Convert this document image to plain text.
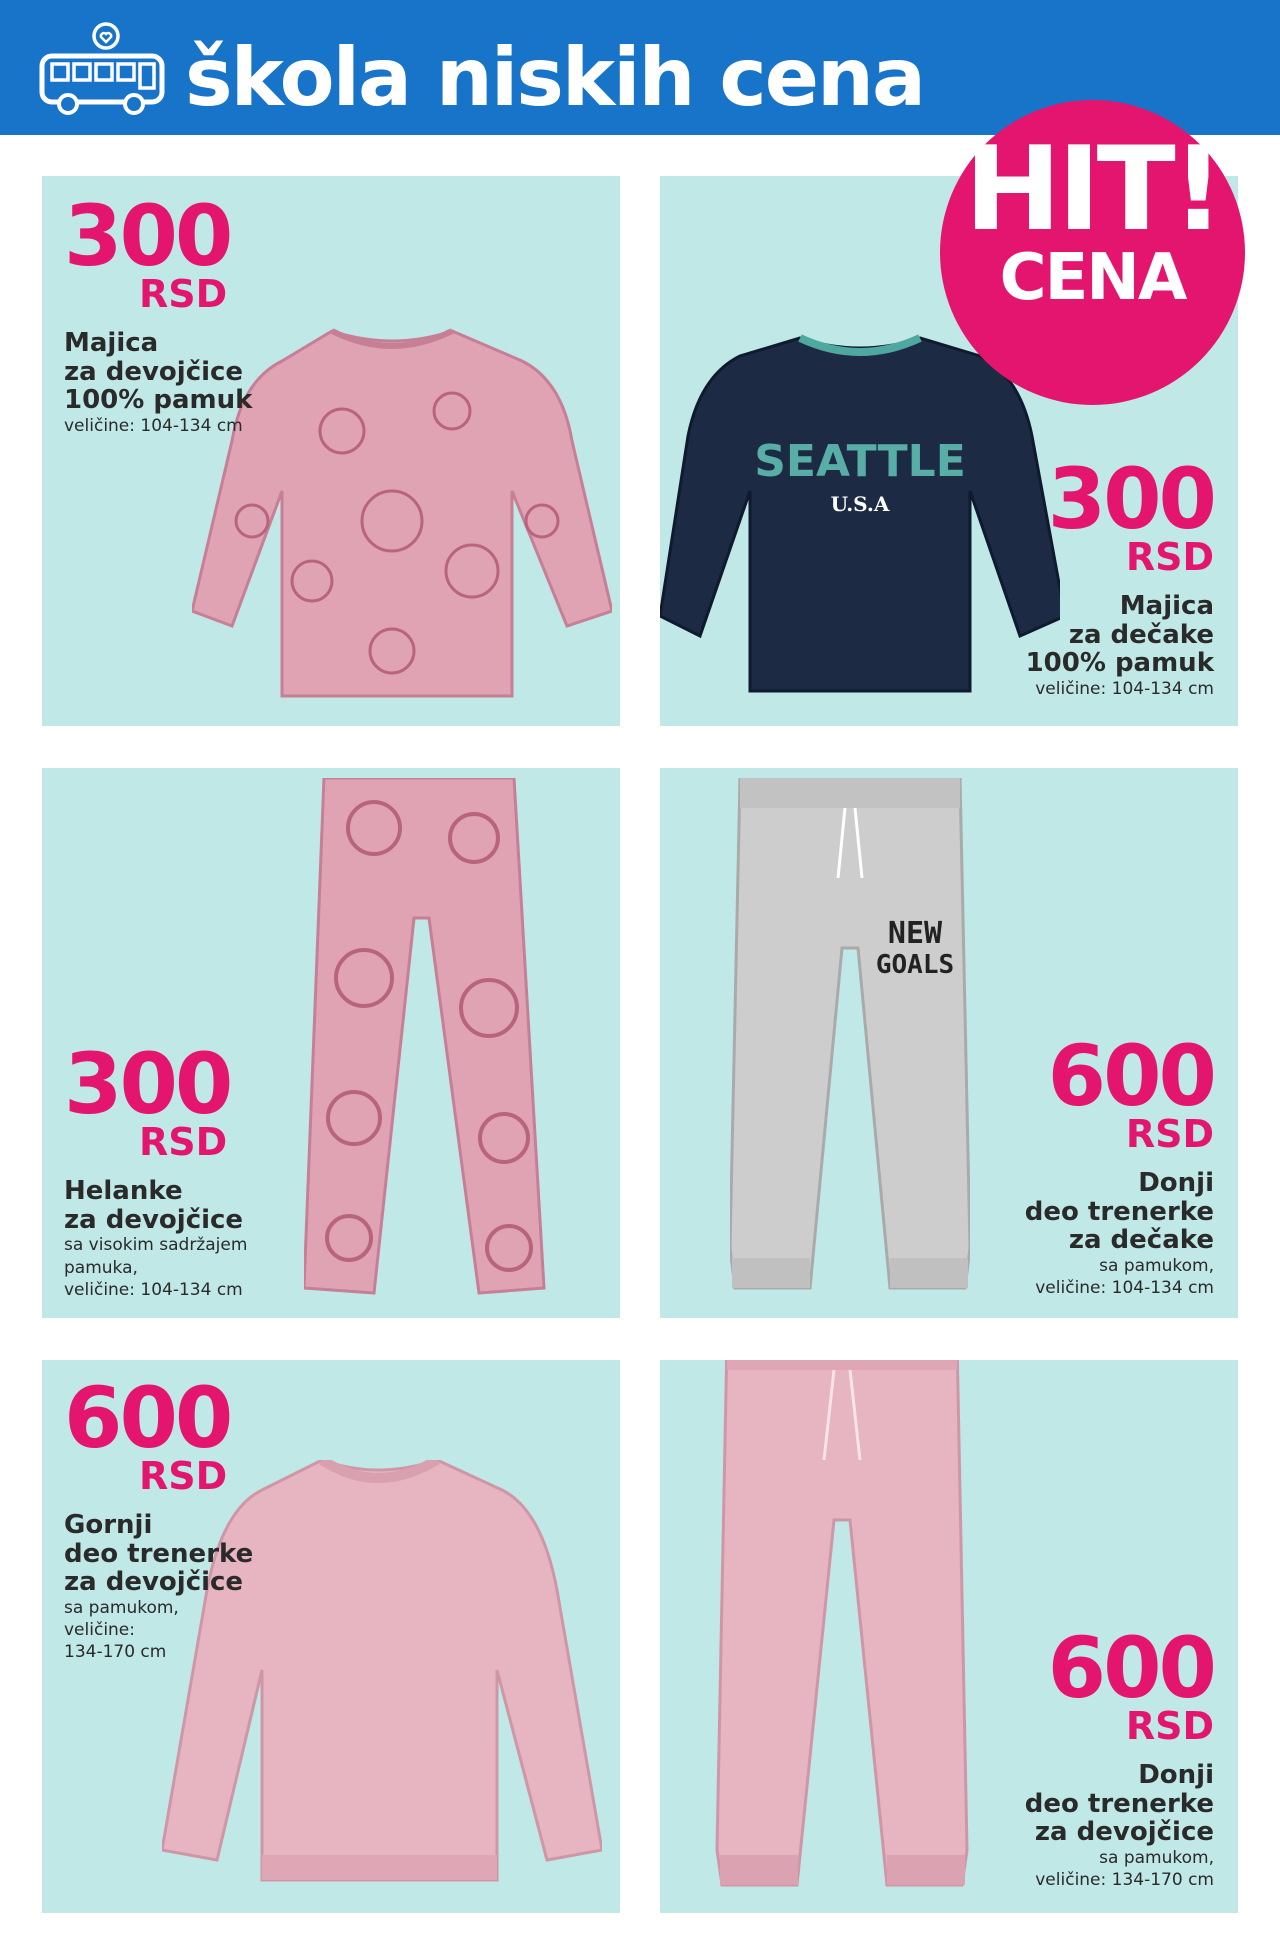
škola niskih cena
HIT!
CENA
300
RSD
Majica
za devojčice
100% pamuk
veličine: 104-134 cm
SEATTLE
U.S.A 300
RSD
Majica
za dečake
100% pamuk
veličine: 104-134 cm
300
RSD
Helanke
za devojčice
sa visokim sadržajem
pamuka,
veličine: 104-134 cm
NEW
GOALS
600
RSD
Donji
deo trenerke
za dečake
sa pamukom,
veličine: 104-134 cm
600
RSD
Gornji
deo trenerke
za devojčice
sa pamukom,
veličine:
134-170 cm	600
RSD
Donji
deo trenerke
za devojčice
sa pamukom,
veličine: 134-170 cm
